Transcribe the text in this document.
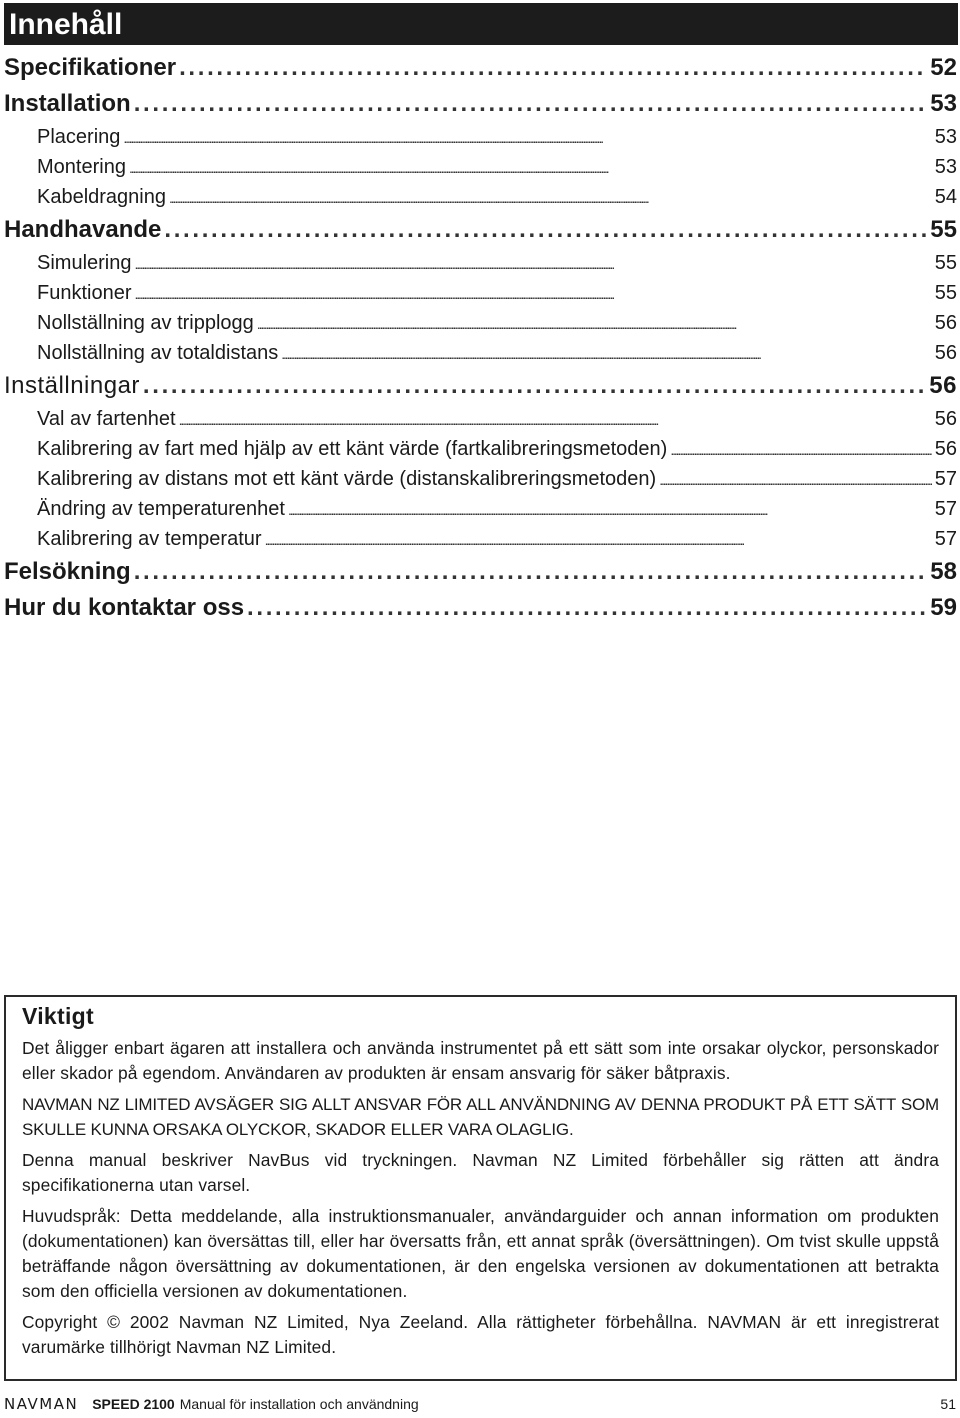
Innehåll
Specifikationer . . .	52
Installation . . .	53
Placering . . .	53
Montering . . .	53
Kabeldragning . . .	54
Handhavande . . .	55
Simulering . . .	55
Funktioner . . .	55
Nollställning av tripplogg . . .	56
Nollställning av totaldistans . . .	56
Inställningar . . .	56
Val av fartenhet . . .	56
Kalibrering av fart med hjälp av ett känt värde (fartkalibreringsmetoden) . . .	56
Kalibrering av distans mot ett känt värde (distanskalibreringsmetoden) . . .	57
Ändring av temperaturenhet . . .	57
Kalibrering av temperatur . . .	57
Felsökning . . .	58
Hur du kontaktar oss . . .	59
Viktigt

Det åligger enbart ägaren att installera och använda instrumentet på ett sätt som inte orsakar olyckor, personskador eller skador på egendom. Användaren av produkten är ensam ansvarig för säker båtpraxis.

NAVMAN NZ LIMITED AVSÄGER SIG ALLT ANSVAR FÖR ALL ANVÄNDNING AV DENNA PRODUKT PÅ ETT SÄTT SOM SKULLE KUNNA ORSAKA OLYCKOR, SKADOR ELLER VARA OLAGLIG.

Denna manual beskriver NavBus vid tryckningen. Navman NZ Limited förbehåller sig rätten att ändra specifikationerna utan varsel.

Huvudspråk: Detta meddelande, alla instruktionsmanualer, användarguider och annan information om produkten (dokumentationen) kan översättas till, eller har översatts från, ett annat språk (översättningen). Om tvist skulle uppstå beträffande någon översättning av dokumentationen, är den engelska versionen av dokumentationen att betrakta som den officiella versionen av dokumentationen.

Copyright © 2002 Navman NZ Limited, Nya Zeeland. Alla rättigheter förbehållna. NAVMAN är ett inregistrerat varumärke tillhörigt Navman NZ Limited.

NAVMAN SPEED 2100 Manual för installation och användning	51
